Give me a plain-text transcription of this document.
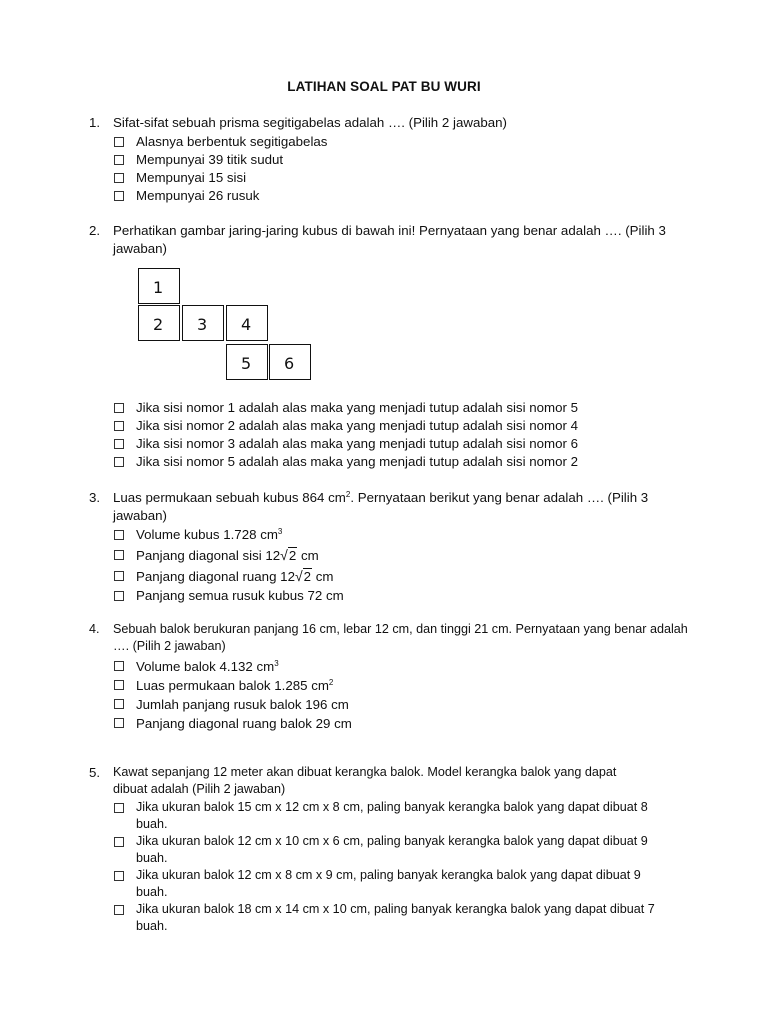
LATIHAN SOAL PAT BU WURI
1. Sifat-sifat sebuah prisma segitigabelas adalah …. (Pilih 2 jawaban)
Alasnya berbentuk segitigabelas
Mempunyai 39 titik sudut
Mempunyai 15 sisi
Mempunyai 26 rusuk
2. Perhatikan gambar jaring-jaring kubus di bawah ini! Pernyataan yang benar adalah …. (Pilih 3 jawaban)
1
2 3 4
5 6
Jika sisi nomor 1 adalah alas maka yang menjadi tutup adalah sisi nomor 5
Jika sisi nomor 2 adalah alas maka yang menjadi tutup adalah sisi nomor 4
Jika sisi nomor 3 adalah alas maka yang menjadi tutup adalah sisi nomor 6
Jika sisi nomor 5 adalah alas maka yang menjadi tutup adalah sisi nomor 2
3. Luas permukaan sebuah kubus 864 $cm^2$. Pernyataan berikut yang benar adalah …. (Pilih 3 jawaban)
Volume kubus 1.728 $cm^3$
Panjang diagonal sisi 12√2 cm
Panjang diagonal ruang 12√2 cm
Panjang semua rusuk kubus 72 cm
4.	Sebuah balok berukuran panjang 16 cm, lebar 12 cm, dan tinggi 21 cm. Pernyataan yang benar adalah …. (Pilih 2 jawaban)
Volume balok 4.132 $cm^3$
Luas permukaan balok 1.285 $cm^2$
Jumlah panjang rusuk balok 196 cm
Panjang diagonal ruang balok 29 cm
5.	Kawat sepanjang 12 meter akan dibuat kerangka balok. Model kerangka balok yang dapat dibuat adalah (Pilih 2 jawaban)
Jika ukuran balok 15 cm x 12 cm x 8 cm, paling banyak kerangka balok yang dapat dibuat 8 buah.
Jika ukuran balok 12 cm x 10 cm x 6 cm, paling banyak kerangka balok yang dapat dibuat 9 buah.
Jika ukuran balok 12 cm x 8 cm x 9 cm, paling banyak kerangka balok yang dapat dibuat 9 buah.
Jika ukuran balok 18 cm x 14 cm x 10 cm, paling banyak kerangka balok yang dapat dibuat 7 buah.
